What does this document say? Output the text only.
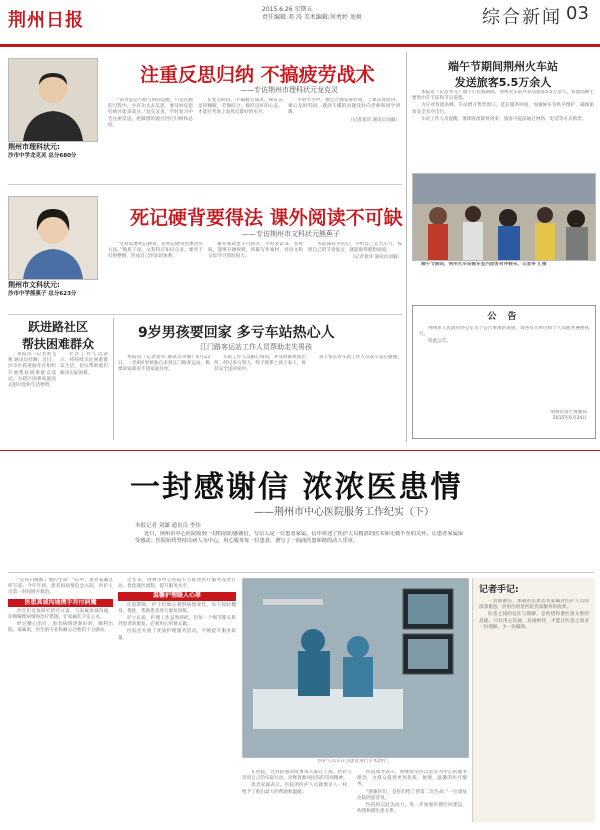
荆州日报
2015.6.26 星期五
责任编辑:邓 涛 美术编辑:何勇婷 刘爽	综合新闻 03
荆州市理科状元:
沙市中学龙克灵 总分680分
注重反思归纳 不搞疲劳战术
——专访荆州市理科状元龙克灵

“高考虽是不断与时间竞跑，只是在跑的过程中，少有功夫去反思，要及时反思归纳才能拿高分。”龙克灵说，平时复习中会注重反思，把做错的题目进行归纳和总结。

在复习阶段，不搞疲劳战术，保证充足的睡眠，劳逸结合，保持良好的心态，才能在考场上发挥出最好的水平。

平时学习中，他会合理安排时间，上课认真听讲，课后及时巩固，遇到不懂的问题及时向老师和同学请教。

（记者刘洋 通讯员刘毅）

荆州市文科状元:
沙市中学熊蕉子 总分623分
死记硬背要得法 课外阅读不可缺
——专访荆州市文科状元熊蕉子

“文科需要死记硬背，但死记硬背也要讲究方法。”熊蕉子说，文科科目知识点多，要善于归纳整理，形成自己的知识体系。

课外阅读也不可缺少，平时多读书、多看报，能够开阔视野，积累写作素材，对语文和文综学习帮助很大。

考前保持平常心，不给自己太大压力，按照自己的节奏复习，就能取得理想成绩。

（记者刘洋 通讯员刘毅）

跃进路社区
帮扶困难群众

本报讯（记者黄飞燕 通讯员杜琳）近日，沙市区跃进路社区组织开展帮扶困难群众活动，为辖区困难家庭送去慰问金和生活物资。

社区工作人员表示，将持续关注困难群众生活，切实帮助他们解决实际困难。

9岁男孩要回家 多亏车站热心人
江门路客运站工作人员帮助走失男孩

本报讯（记者张卓 通讯员李俊）6月23日，一名9岁男孩独自来到江门路客运站，称要回家却说不清家庭住址。

车站工作人员耐心询问，并及时联系派出所，经过多方努力，终于联系上孩子家人，将其安全送回家中。

孩子家长对车站工作人员表示衷心感谢。

端午节期间荆州火车站
发送旅客5.5万余人

本报讯（记者李飞）端午小长假期间，荆州火车站共发送旅客5.5万余人，客流高峰主要集中在节前和节后返程。

为应对客流高峰，车站增开售票窗口，延长服务时间，加强候车室秩序维护，确保旅客安全有序出行。

车站工作人员提醒，暑期客流即将到来，旅客可提前通过网络、电话等方式购票。

端午节期间，荆州火车站候车室内旅客有序候车。记者李飞 摄

公 告

荆州市人民政府办公室关于公告事项的说明，请各有关单位和个人知悉并遵照执行。

特此公告。

荆州市国土资源局
2015年6月24日
一封感谢信 浓浓医患情
——荆州市中心医院服务工作纪实（下）
本报记者 刘谦 通讯员 李伟

近日，荆州市中心医院收到一封特别的感谢信，写信人是一位患者家属。信中讲述了医护人员精湛的医术和无微不至的关怀，让患者家属深受感动。医院始终坚持以病人为中心，用心服务每一位患者，谱写了一曲曲医患和谐的动人乐章。

“是你们挽救了他的生命！”信中，患者家属这样写道。今年年初，患者因病情危急入院，医护人员第一时间展开救治。

医患真诚沟通携手对付病魔

医生们反复研究治疗方案，与家属真诚沟通，详细解释病情和治疗措施，让家属吃下定心丸。

经过精心治疗，患者病情逐渐好转，顺利出院。家属说，医生的专业和耐心让他们十分感动。

近年来，荆州市中心医院大力推进医疗服务改善行动，优化就医流程，提升服务水平。

温馨护理暖人心扉

住院期间，护士们细心观察病情变化，每天按时翻身、擦洗，帮助患者进行康复训练。

护士长说，护理工作虽然琐碎，但每一个细节都关系到患者的康复，必须用心用情去做。

医院还开展了优质护理服务活动，不断提升服务质量。

医护人员正在为患者进行手术治疗。

在医院，这样的感动故事每天都在上演。医护人员用自己的实际行动，诠释着救死扶伤的崇高精神。

患者家属表示，医院的医护人员就像亲人一样，给予了他们最大的帮助和温暖。

医院领导表示，将继续坚持以患者为中心的服务理念，为群众提供更加优质、便捷、温馨的医疗服务。

“感谢你们，是你们给了我第二次生命。”一位康复出院的患者说。

医院将以此为动力，进一步加强医德医风建设，构建和谐医患关系。

记者手记:

一封感谢信，承载的是患者及家属对医护人员的深深谢意，折射出的是医院优质服务的成果。

医患之间的信任与理解，是构建和谐医患关系的基础。只有用心沟通、真诚相待，才能让医患之间多一份理解、少一份隔阂。
